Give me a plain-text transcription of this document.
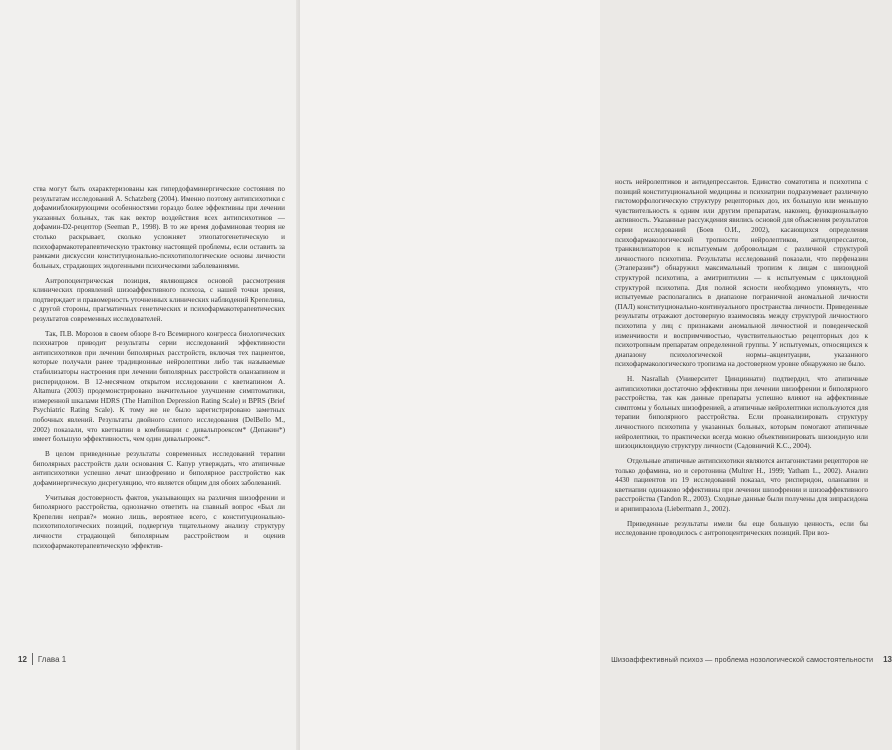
ства могут быть охарактеризованы как гипердофаминергические состояния по результатам исследований A. Schatzberg (2004). Именно поэтому антипсихотики с дофаминблокирующими особенностями гораздо более эффективны при лечении указанных больных, так как вектор воздействия всех антипсихотиков — дофамин-D2-рецептор (Seeman P., 1998). В то же время дофаминовая теория не столько раскрывает, сколько усложняет этиопатогенетическую и психофармакотерапевтическую трактовку настоящей проблемы, если оставить за рамками дискуссии конституционально-психотипологические основы личности больных, страдающих эндогенными психическими заболеваниями.

Антропоцентрическая позиция, являющаяся основой рассмотрения клинических проявлений шизоаффективного психоза, с нашей точки зрения, подтверждает и правомерность уточненных клинических наблюдений Крепелина, с другой стороны, прагматичных генетических и психофармакотерапевтических результатов современных исследователей.

Так, П.В. Морозов в своем обзоре 8-го Всемирного конгресса биологических психиатров приводит результаты серии исследований эффективности антипсихотиков при лечении биполярных расстройств, включая тех пациентов, которые получали ранее традиционные нейролептики либо так называемые стабилизаторы настроения при лечении биполярных расстройств оланзапином и рисперидоном. В 12-месячном открытом исследовании с кветиапином A. Altamura (2003) продемонстрировано значительное улучшение симптоматики, измеренной шкалами HDRS (The Hamilton Depression Rating Scale) и BPRS (Brief Psychiatric Rating Scale). К тому же не было зарегистрировано заметных побочных явлений. Результаты двойного слепого исследования (DelBello M., 2002) показали, что кветиапин в комбинации с дивальпроексом* (Депакин*) имеет большую эффективность, чем один дивальпроекс*.

В целом приведенные результаты современных исследований терапии биполярных расстройств дали основания С. Капур утверждать, что атипичные антипсихотики успешно лечат шизофрению и биполярное расстройство как дофаминергическую дисрегуляцию, что является общим для обоих заболеваний.

Учитывая достоверность фактов, указывающих на различия шизофрении и биполярного расстройства, однозначно ответить на главный вопрос «Был ли Крепелин неправ?» можно лишь, вероятнее всего, с конституционально-психотипологических позиций, подвергнув тщательному анализу структуру личности страдающей биполярным расстройством и оценив психофармакотерапевтическую эффектив-

12 Глава 1

ность нейролептиков и антидепрессантов. Единство соматотипа и психотипа с позиций конституциональной медицины и психиатрии подразумевает различную гистоморфологическую структуру рецепторных доз, их большую или меньшую чувствительность к одним или другим препаратам, наконец, функциональную активность. Указанные рассуждения явились основой для объяснения результатов серии исследований (Боев О.И., 2002), касающихся определения психофармакологической тропности нейролептиков, антидепрессантов, транквилизаторов к испытуемым добровольцам с различной структурой личностного психотипа. Результаты исследований показали, что перфеназин (Этаперазин*) обнаружил максимальный тропизм к лицам с шизоидной структурой психотипа, а амитриптилин — к испытуемым с циклоидной структурой психотипа. Для полной ясности необходимо упомянуть, что испытуемые располагались в диапазоне пограничной аномальной личности (ПАЛ) конституционально-континуального пространства личности. Приведенные результаты отражают достоверную взаимосвязь между структурой личностного психотипа у лиц с признаками аномальной личностной и поведенческой изменчивости и воспримчивостью, чувствительностью рецепторных доз к психотропным препаратам определенной группы. У испытуемых, относящихся к диапазону психологической нормы–акцентуации, указанного психофармакологического тропизма на достоверном уровне обнаружено не было.

H. Nasrallah (Университет Цинциннати) подтвердил, что атипичные антипсихотики достаточно эффективны при лечении шизофрении и биполярного расстройства, так как данные препараты успешно влияют на аффективные симптомы у больных шизофренией, а атипичные нейролептики используются для терапии биполярного расстройства. Если проанализировать структуру личностного психотипа у указанных больных, которым помогают атипичные нейролептики, то практически всегда можно объективизировать шизоидную или шизоциклоидную структуру личности (Садовничий К.С., 2004).

Отдельные атипичные антипсихотики являются антагонистами рецепторов не только дофамина, но и серотонина (Multrer H., 1999; Yatham L., 2002). Анализ 4430 пациентов из 19 исследований показал, что рисперидон, оланзапин и кветиапин одинаково эффективны при лечении шизофрении и шизоаффективного расстройства (Tandon R., 2003). Сходные данные были получены для зипрасидона и арипипразола (Liebermann J., 2002).

Приведенные результаты имели бы еще большую ценность, если бы исследование проводилось с антропоцентрических позиций. При воз-

Шизоаффективный психоз — проблема нозологической самостоятельности 13
